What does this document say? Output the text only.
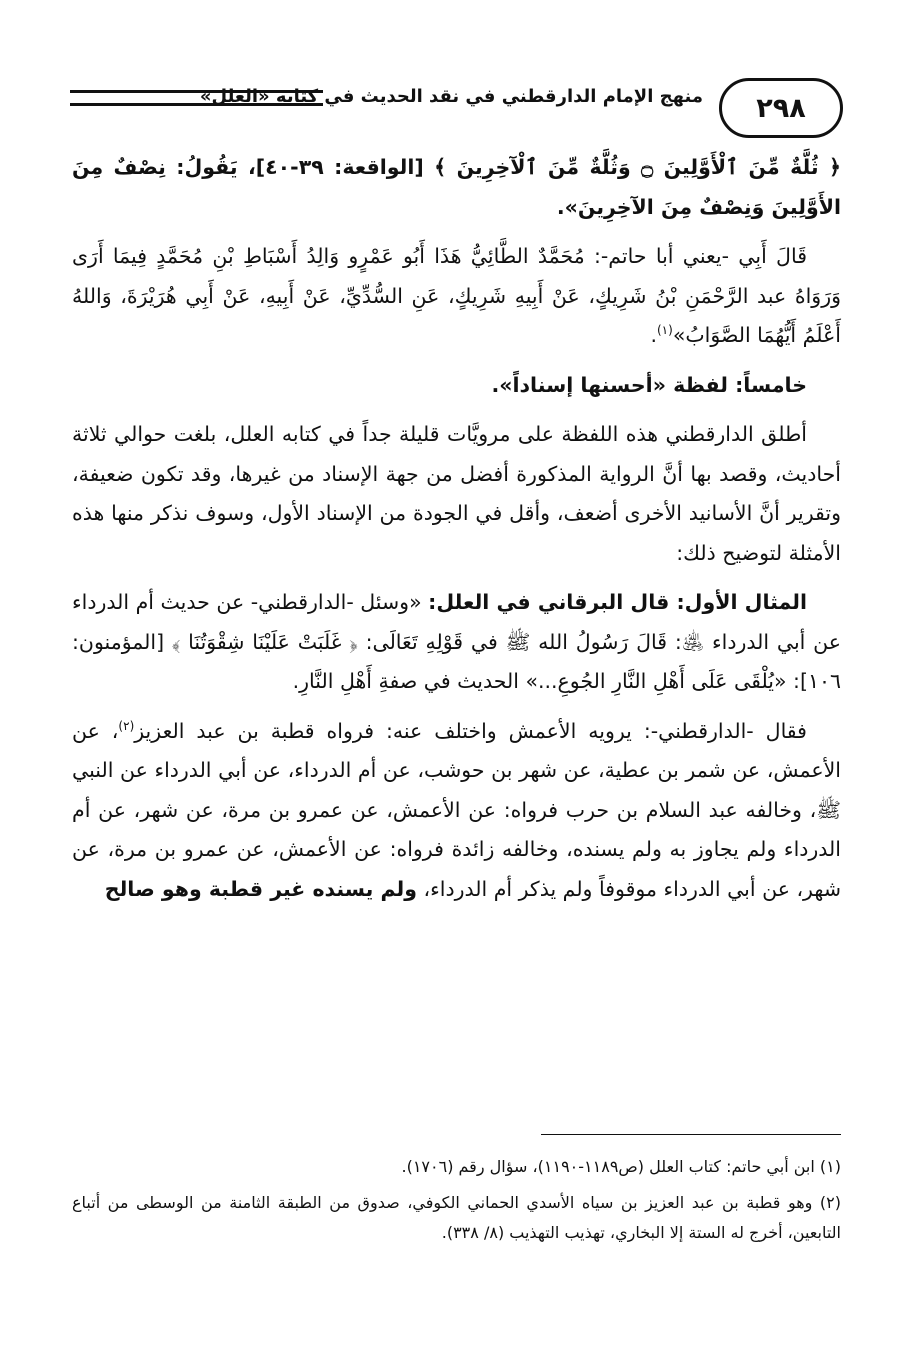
٢٩٨
منهج الإمام الدارقطني في نقد الحديث في كتابه «العلل»

﴿ ثُلَّةٌ مِّنَ ٱلْأَوَّلِينَ ۝ وَثُلَّةٌ مِّنَ ٱلْآخِرِينَ ﴾ [الواقعة: ٣٩-٤٠]، يَقُولُ: نِصْفٌ مِنَ الأَوَّلِينَ وَنِصْفٌ مِنَ الآخِرِينَ».

قَالَ أَبِي -يعني أبا حاتم-: مُحَمَّدٌ الطَّائِيُّ هَذَا أَبُو عَمْرٍو وَالِدُ أَسْبَاطِ بْنِ مُحَمَّدٍ فِيمَا أَرَى وَرَوَاهُ عبد الرَّحْمَنِ بْنُ شَرِيكٍ، عَنْ أَبِيهِ شَرِيكٍ، عَنِ السُّدِّيِّ، عَنْ أَبِيهِ، عَنْ أَبِي هُرَيْرَةَ، وَاللهُ أَعْلَمُ أَيُّهُمَا الصَّوَابُ»$^{(١)}$.

خامساً: لفظة «أحسنها إسناداً».

أطلق الدارقطني هذه اللفظة على مرويَّات قليلة جداً في كتابه العلل، بلغت حوالي ثلاثة أحاديث، وقصد بها أنَّ الرواية المذكورة أفضل من جهة الإسناد من غيرها، وقد تكون ضعيفة، وتقرير أنَّ الأسانيد الأخرى أضعف، وأقل في الجودة من الإسناد الأول، وسوف نذكر منها هذه الأمثلة لتوضيح ذلك:

المثال الأول: قال البرقاني في العلل: «وسئل -الدارقطني- عن حديث أم الدرداء عن أبي الدرداء ﵁: قَالَ رَسُولُ الله ﷺ في قَوْلِهِ تَعَالَى: ﴿ غَلَبَتْ عَلَيْنَا شِقْوَتُنَا ﴾ [المؤمنون: ١٠٦]: «يُلْقَى عَلَى أَهْلِ النَّارِ الجُوعِ...» الحديث في صفةِ أَهْلِ النَّارِ.

فقال -الدارقطني-: يرويه الأعمش واختلف عنه: فرواه قطبة بن عبد العزيز$^{(٢)}$، عن الأعمش، عن شمر بن عطية، عن شهر بن حوشب، عن أم الدرداء، عن أبي الدرداء عن النبي ﷺ، وخالفه عبد السلام بن حرب فرواه: عن الأعمش، عن عمرو بن مرة، عن شهر، عن أم الدرداء ولم يجاوز به ولم يسنده، وخالفه زائدة فرواه: عن الأعمش، عن عمرو بن مرة، عن شهر، عن أبي الدرداء موقوفاً ولم يذكر أم الدرداء، ولم يسنده غير قطبة وهو صالح

(١) ابن أبي حاتم: كتاب العلل (ص١١٨٩-١١٩٠)، سؤال رقم (١٧٠٦).

(٢) وهو قطبة بن عبد العزيز بن سياه الأسدي الحماني الكوفي، صدوق من الطبقة الثامنة من الوسطى من أتباع التابعين، أخرج له الستة إلا البخاري، تهذيب التهذيب (٨/ ٣٣٨).
